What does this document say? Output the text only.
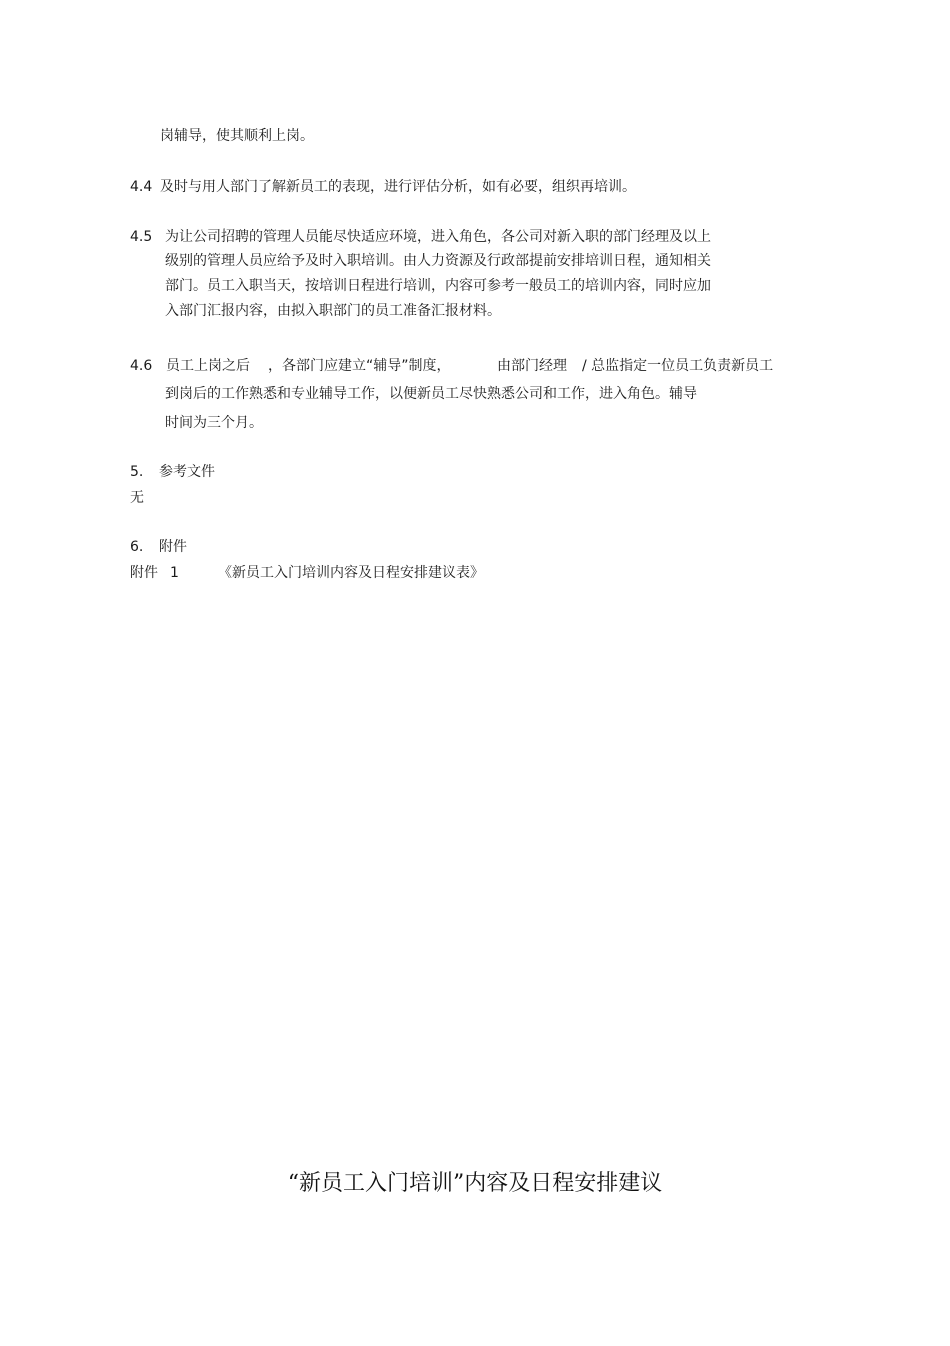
岗辅导，使其顺利上岗。
4.4 及时与用人部门了解新员工的表现，进行评估分析，如有必要，组织再培训。
4.5 为让公司招聘的管理人员能尽快适应环境，进入角色，各公司对新入职的部门经理及以上
级别的管理人员应给予及时入职培训。由人力资源及行政部提前安排培训日程，通知相关
部门。员工入职当天，按培训日程进行培训，内容可参考一般员工的培训内容，同时应加
入部门汇报内容，由拟入职部门的员工准备汇报材料。
4.6 员工上岗之后 ，各部门应建立“辅导”制度，	由部门经理 / 总监指定一位员工负责新员工
到岗后的工作熟悉和专业辅导工作，以便新员工尽快熟悉公司和工作，进入角色。辅导
时间为三个月。
5. 参考文件
无
6. 附件
附件 1	《新员工入门培训内容及日程安排建议表》
“新员工入门培训”内容及日程安排建议
